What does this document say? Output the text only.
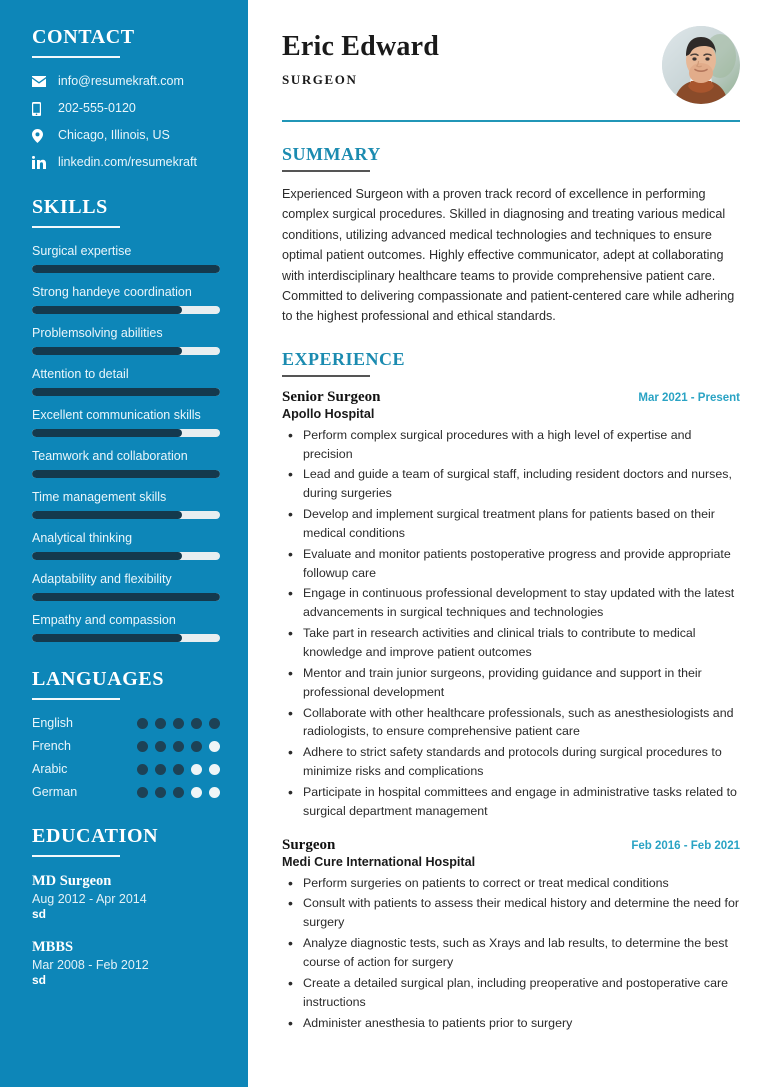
CONTACT
info@resumekraft.com
202-555-0120
Chicago, Illinois, US
linkedin.com/resumekraft
SKILLS
Surgical expertise
Strong handeye coordination
Problemsolving abilities
Attention to detail
Excellent communication skills
Teamwork and collaboration
Time management skills
Analytical thinking
Adaptability and flexibility
Empathy and compassion
LANGUAGES
English
French
Arabic
German
EDUCATION
MD Surgeon
Aug 2012 - Apr 2014
sd
MBBS
Mar 2008 - Feb 2012
sd
Eric Edward
SURGEON
SUMMARY

Experienced Surgeon with a proven track record of excellence in performing complex surgical procedures. Skilled in diagnosing and treating various medical conditions, utilizing advanced medical technologies and techniques to ensure optimal patient outcomes. Highly effective communicator, adept at collaborating with interdisciplinary healthcare teams to provide comprehensive patient care. Committed to delivering compassionate and patient-centered care while adhering to the highest professional and ethical standards.

EXPERIENCE
Senior Surgeon	Mar 2021 - Present
Apollo Hospital
• Perform complex surgical procedures with a high level of expertise and precision
• Lead and guide a team of surgical staff, including resident doctors and nurses, during surgeries
• Develop and implement surgical treatment plans for patients based on their medical conditions
• Evaluate and monitor patients postoperative progress and provide appropriate followup care
• Engage in continuous professional development to stay updated with the latest advancements in surgical techniques and technologies
• Take part in research activities and clinical trials to contribute to medical knowledge and improve patient outcomes
• Mentor and train junior surgeons, providing guidance and support in their professional development
• Collaborate with other healthcare professionals, such as anesthesiologists and radiologists, to ensure comprehensive patient care
• Adhere to strict safety standards and protocols during surgical procedures to minimize risks and complications
• Participate in hospital committees and engage in administrative tasks related to surgical department management
Surgeon	Feb 2016 - Feb 2021
Medi Cure International Hospital
• Perform surgeries on patients to correct or treat medical conditions
• Consult with patients to assess their medical history and determine the need for surgery
• Analyze diagnostic tests, such as Xrays and lab results, to determine the best course of action for surgery
• Create a detailed surgical plan, including preoperative and postoperative care instructions
• Administer anesthesia to patients prior to surgery
